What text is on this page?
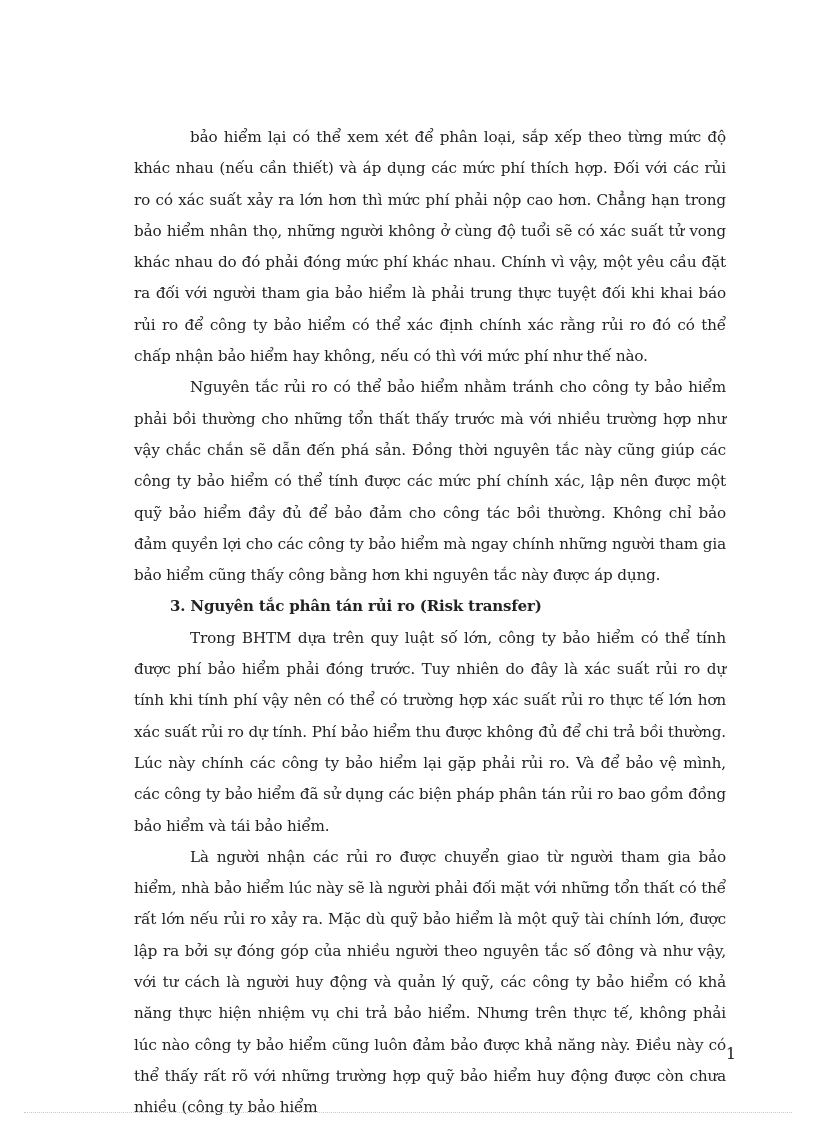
bảo hiểm lại có thể xem xét để phân loại, sắp xếp theo từng mức độ khác nhau (nếu cần thiết) và áp dụng các mức phí thích hợp. Đối với các rủi ro có xác suất xảy ra lớn hơn thì mức phí phải nộp cao hơn. Chẳng hạn trong bảo hiểm nhân thọ, những người không ở cùng độ tuổi sẽ có xác suất tử vong khác nhau do đó phải đóng mức phí khác nhau. Chính vì vậy, một yêu cầu đặt ra đối với người tham gia bảo hiểm là phải trung thực tuyệt đối khi khai báo rủi ro để công ty bảo hiểm có thể xác định chính xác rằng rủi ro đó có thể chấp nhận bảo hiểm hay không, nếu có thì với mức phí như thế nào.

Nguyên tắc rủi ro có thể bảo hiểm nhằm tránh cho công ty bảo hiểm phải bồi thường cho những tổn thất thấy trước mà với nhiều trường hợp như vậy chắc chắn sẽ dẫn đến phá sản. Đồng thời nguyên tắc này cũng giúp các công ty bảo hiểm có thể tính được các mức phí chính xác, lập nên được một quỹ bảo hiểm đầy đủ để bảo đảm cho công tác bồi thường. Không chỉ bảo đảm quyền lợi cho các công ty bảo hiểm mà ngay chính những người tham gia bảo hiểm cũng thấy công bằng hơn khi nguyên tắc này được áp dụng.

3. Nguyên tắc phân tán rủi ro (Risk transfer)

Trong BHTM dựa trên quy luật số lớn, công ty bảo hiểm có thể tính được phí bảo hiểm phải đóng trước. Tuy nhiên do đây là xác suất rủi ro dự tính khi tính phí vậy nên có thể có trường hợp xác suất rủi ro thực tế lớn hơn xác suất rủi ro dự tính. Phí bảo hiểm thu được không đủ để chi trả bồi thường. Lúc này chính các công ty bảo hiểm lại gặp phải rủi ro. Và để bảo vệ mình, các công ty bảo hiểm đã sử dụng các biện pháp phân tán rủi ro bao gồm đồng bảo hiểm và tái bảo hiểm.

Là người nhận các rủi ro được chuyển giao từ người tham gia bảo hiểm, nhà bảo hiểm lúc này sẽ là người phải đối mặt với những tổn thất có thể rất lớn nếu rủi ro xảy ra. Mặc dù quỹ bảo hiểm là một quỹ tài chính lớn, được lập ra bởi sự đóng góp của nhiều người theo nguyên tắc số đông và như vậy, với tư cách là người huy động và quản lý quỹ, các công ty bảo hiểm có khả năng thực hiện nhiệm vụ chi trả bảo hiểm. Nhưng trên thực tế, không phải lúc nào công ty bảo hiểm cũng luôn đảm bảo được khả năng này. Điều này có thể thấy rất rõ với những trường hợp quỹ bảo hiểm huy động được còn chưa nhiều (công ty bảo hiểm

1
